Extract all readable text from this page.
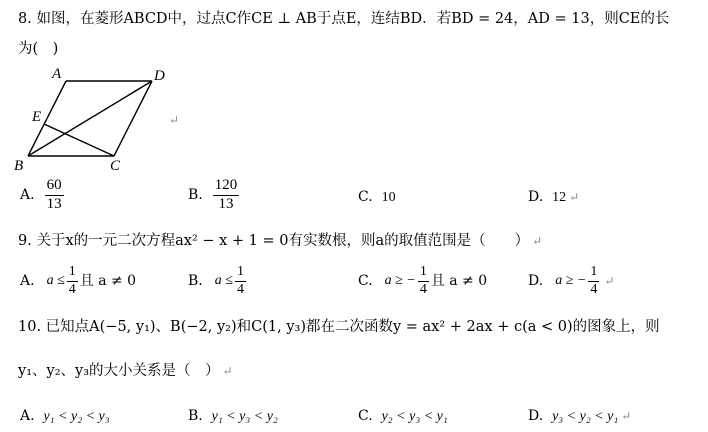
8. 如图，在菱形ABCD中，过点C作CE ⊥ AB于点E，连结BD．若BD = 24，AD = 13，则CE的长
为(　)
A	D
E
B	C
↵
A. $\frac{60}{13}$	B. $\frac{120}{13}$	C. 10	D. 12 ↵
9. 关于x的一元二次方程ax² − x + 1 = 0有实数根，则a的取值范围是（　　） ↵
A. $a \le \frac{1}{4}$ 且 a ≠ 0	B. $a \le \frac{1}{4}$	C. a ≥ − $\frac{1}{4}$ 且 a ≠ 0	D. a ≥ − $\frac{1}{4}$ ↵
10. 已知点A(−5, y₁)、B(−2, y₂)和C(1, y₃)都在二次函数y = ax² + 2ax + c(a < 0)的图象上，则
y₁、y₂、y₃的大小关系是（　） ↵
A. y₁ < y₂ < y₃	B. y₁ < y₃ < y₂	C. y₂ < y₃ < y₁	D. y₃ < y₂ < y₁ ↵
